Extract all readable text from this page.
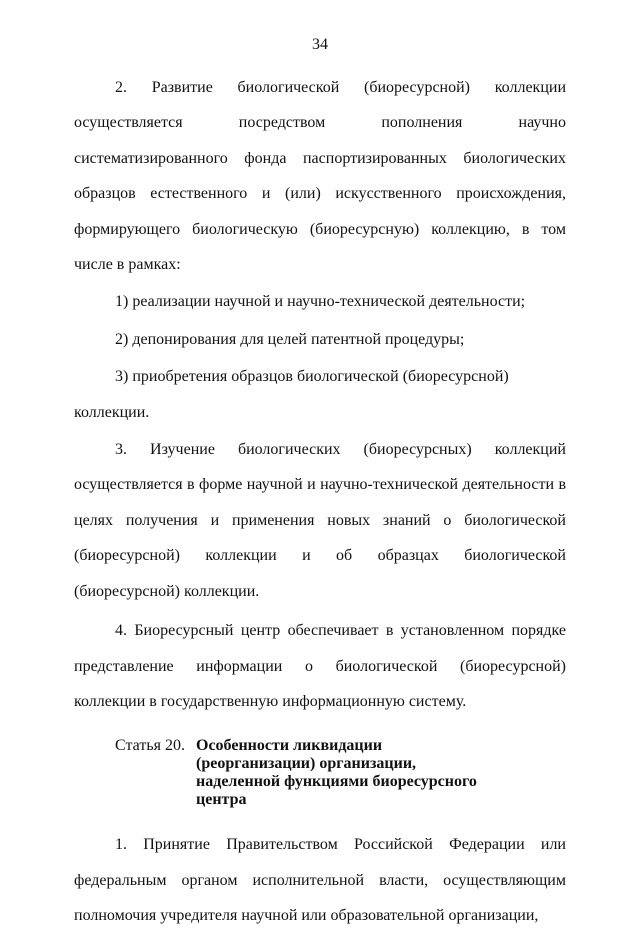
34

2. Развитие биологической (биоресурсной) коллекции осуществляется посредством пополнения научно систематизированного фонда паспортизированных биологических образцов естественного и (или) искусственного происхождения, формирующего биологическую (биоресурсную) коллекцию, в том числе в рамках:

1) реализации научной и научно-технической деятельности;

2) депонирования для целей патентной процедуры;

3) приобретения образцов биологической (биоресурсной) коллекции.

3. Изучение биологических (биоресурсных) коллекций осуществляется в форме научной и научно-технической деятельности в целях получения и применения новых знаний о биологической (биоресурсной) коллекции и об образцах биологической (биоресурсной) коллекции.

4. Биоресурсный центр обеспечивает в установленном порядке представление информации о биологической (биоресурсной) коллекции в государственную информационную систему.

Статья 20. Особенности ликвидации (реорганизации) организации, наделенной функциями биоресурсного центра

1. Принятие Правительством Российской Федерации или федеральным органом исполнительной власти, осуществляющим полномочия учредителя научной или образовательной организации,
